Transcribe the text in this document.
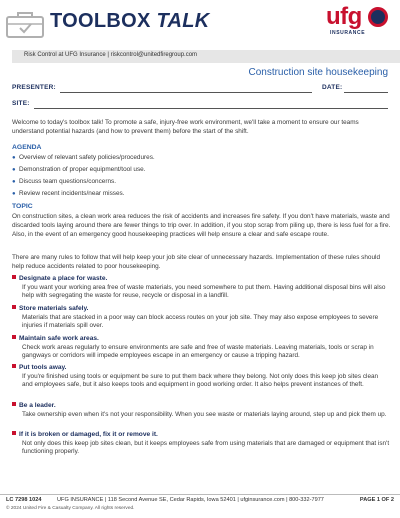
TOOLBOX TALK	ufg
INSURANCE
Risk Control at UFG Insurance | riskcontrol@unitedfiregroup.com
Construction site housekeeping
PRESENTER:	DATE:
SITE:
Welcome to today's toolbox talk! To promote a safe, injury-free work environment, we'll take a moment to ensure our teams understand potential hazards (and how to prevent them) before the start of the shift.
AGENDA
● Overview of relevant safety policies/procedures.
● Demonstration of proper equipment/tool use.
● Discuss team questions/concerns.
● Review recent incidents/near misses.
TOPIC
On construction sites, a clean work area reduces the risk of accidents and increases fire safety. If you don't have materials, waste and discarded tools laying around there are fewer things to trip over. In addition, if you stop scrap from piling up, there is less fuel for a fire. Also, in the event of an emergency good housekeeping practices will help ensure a clear and safe escape route.
There are many rules to follow that will help keep your job site clear of unnecessary hazards. Implementation of these rules should help reduce accidents related to poor housekeeping.
Designate a place for waste.
If you want your working area free of waste materials, you need somewhere to put them. Having additional disposal bins will also help with segregating the waste for reuse, recycle or disposal in a landfill.
Store materials safely.
Materials that are stacked in a poor way can block access routes on your job site. They may also expose employees to severe injuries if materials spill over.
Maintain safe work areas.
Check work areas regularly to ensure environments are safe and free of waste materials. Leaving materials, tools or scrap in gangways or corridors will impede employees escape in an emergency or cause a tripping hazard.
Put tools away.
If you're finished using tools or equipment be sure to put them back where they belong. Not only does this keep job sites clean and employees safe, but it also keeps tools and equipment in good working order. It also helps prevent instances of theft.
Be a leader.
Take ownership even when it's not your responsibility. When you see waste or materials laying around, step up and pick them up.
If it is broken or damaged, fix it or remove it.
Not only does this keep job sites clean, but it keeps employees safe from using materials that are damaged or equipment that isn't functioning properly.
LC 7298 1024	UFG INSURANCE | 118 Second Avenue SE, Cedar Rapids, Iowa 52401 | ufginsurance.com | 800-332-7977	PAGE 1 OF 2
© 2024 United Fire & Casualty Company. All rights reserved.
